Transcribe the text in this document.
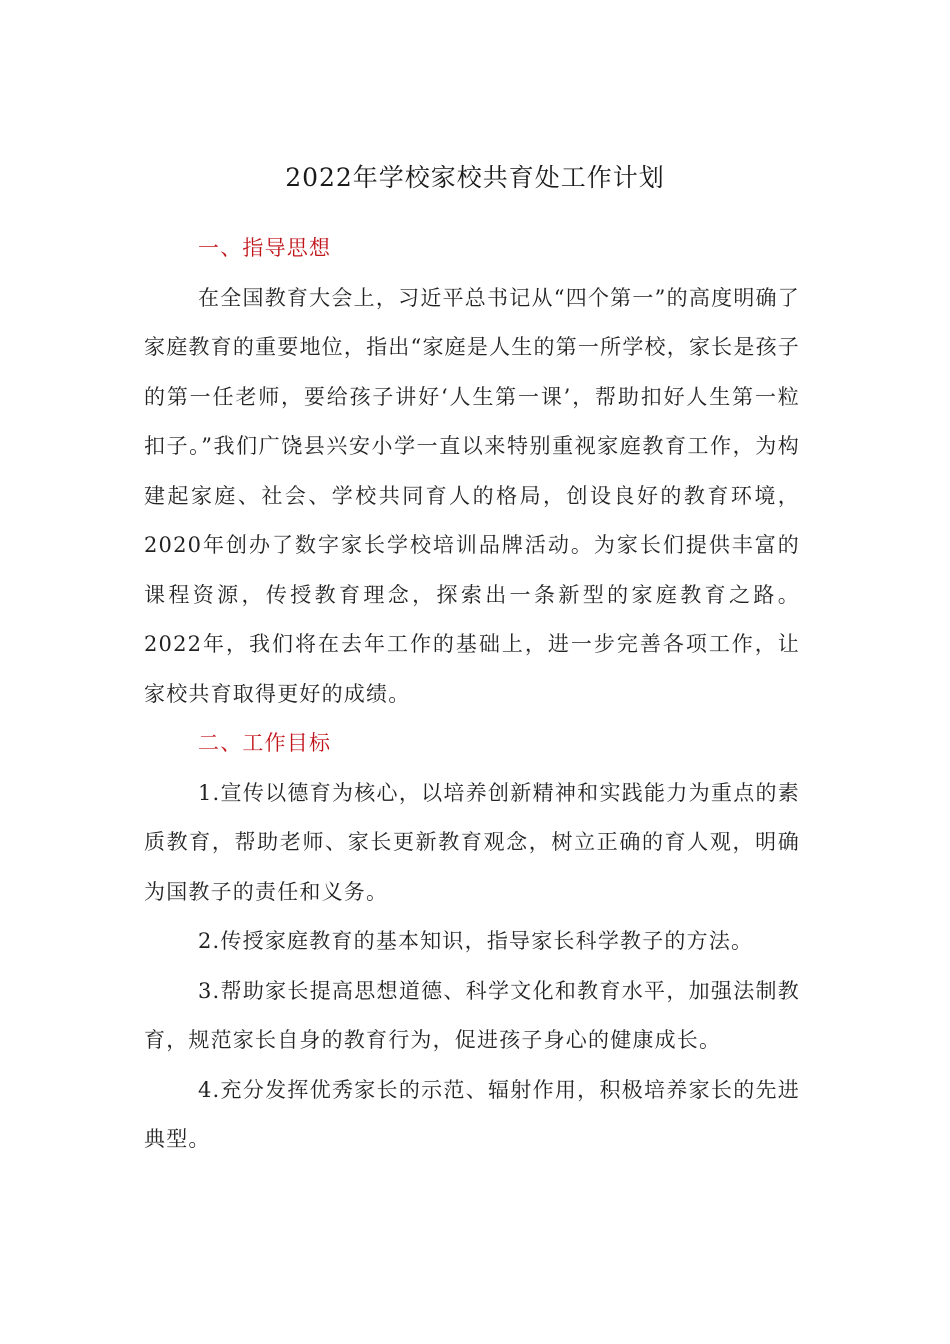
2022年学校家校共育处工作计划
一、指导思想

在全国教育大会上，习近平总书记从“四个第一”的高度明确了家庭教育的重要地位，指出“家庭是人生的第一所学校，家长是孩子的第一任老师，要给孩子讲好‘人生第一课’，帮助扣好人生第一粒扣子。”我们广饶县兴安小学一直以来特别重视家庭教育工作，为构建起家庭、社会、学校共同育人的格局，创设良好的教育环境，2020年创办了数字家长学校培训品牌活动。为家长们提供丰富的课程资源，传授教育理念，探索出一条新型的家庭教育之路。2022年，我们将在去年工作的基础上，进一步完善各项工作，让家校共育取得更好的成绩。

二、工作目标

1.宣传以德育为核心，以培养创新精神和实践能力为重点的素质教育，帮助老师、家长更新教育观念，树立正确的育人观，明确为国教子的责任和义务。

2.传授家庭教育的基本知识，指导家长科学教子的方法。

3.帮助家长提高思想道德、科学文化和教育水平，加强法制教育，规范家长自身的教育行为，促进孩子身心的健康成长。

4.充分发挥优秀家长的示范、辐射作用，积极培养家长的先进典型。
